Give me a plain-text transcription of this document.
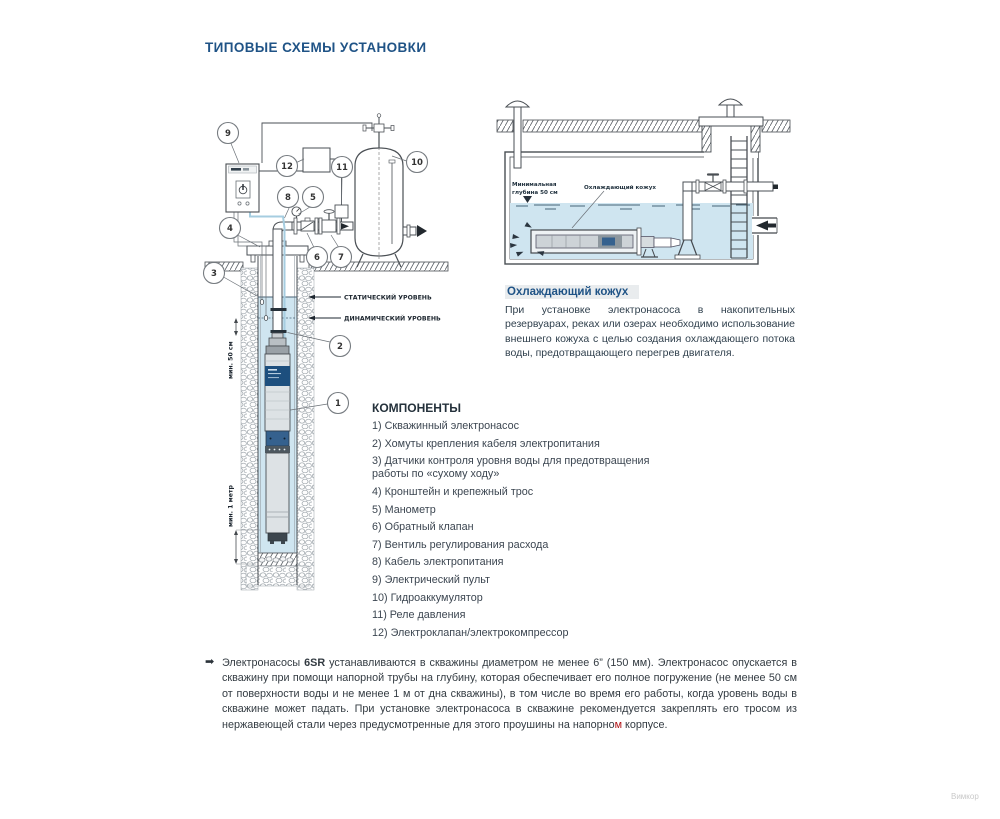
ТИПОВЫЕ СХЕМЫ УСТАНОВКИ
мин. 50 см
мин. 1 метр
СТАТИЧЕСКИЙ УРОВЕНЬ
ДИНАМИЧЕСКИЙ УРОВЕНЬ
9
12	11	10
8 5
4
6 7
3
2
1
Минимальная
глубина 50 см
Охлаждающий кожух
Охлаждающий кожух
При установке электронасоса в накопительных резервуарах, реках или озерах необходимо использование внешнего кожуха с целью создания охлаждающего потока воды, предотвращающего перегрев двигателя.
КОМПОНЕНТЫ
1) Скважинный электронасос
2) Хомуты крепления кабеля электропитания
3) Датчики контроля уровня воды для предотвращения работы по «сухому ходу»
4) Кронштейн и крепежный трос
5) Манометр
6) Обратный клапан
7) Вентиль регулирования расхода
8) Кабель электропитания
9) Электрический пульт
10) Гидроаккумулятор
11) Реле давления
12) Электроклапан/электрокомпрессор
➡ Электронасосы 6SR устанавливаются в скважины диаметром не менее 6” (150 мм). Электронасос опускается в скважину при помощи напорной трубы на глубину, которая обеспечивает его полное погружение (не менее 50 см от поверхности воды и не менее 1 м от дна скважины), в том числе во время его работы, когда уровень воды в скважине может падать. При установке электронасоса в скважине рекомендуется закреплять его тросом из нержавеющей стали через предусмотренные для этого проушины на напорном корпусе.
Вимкор
